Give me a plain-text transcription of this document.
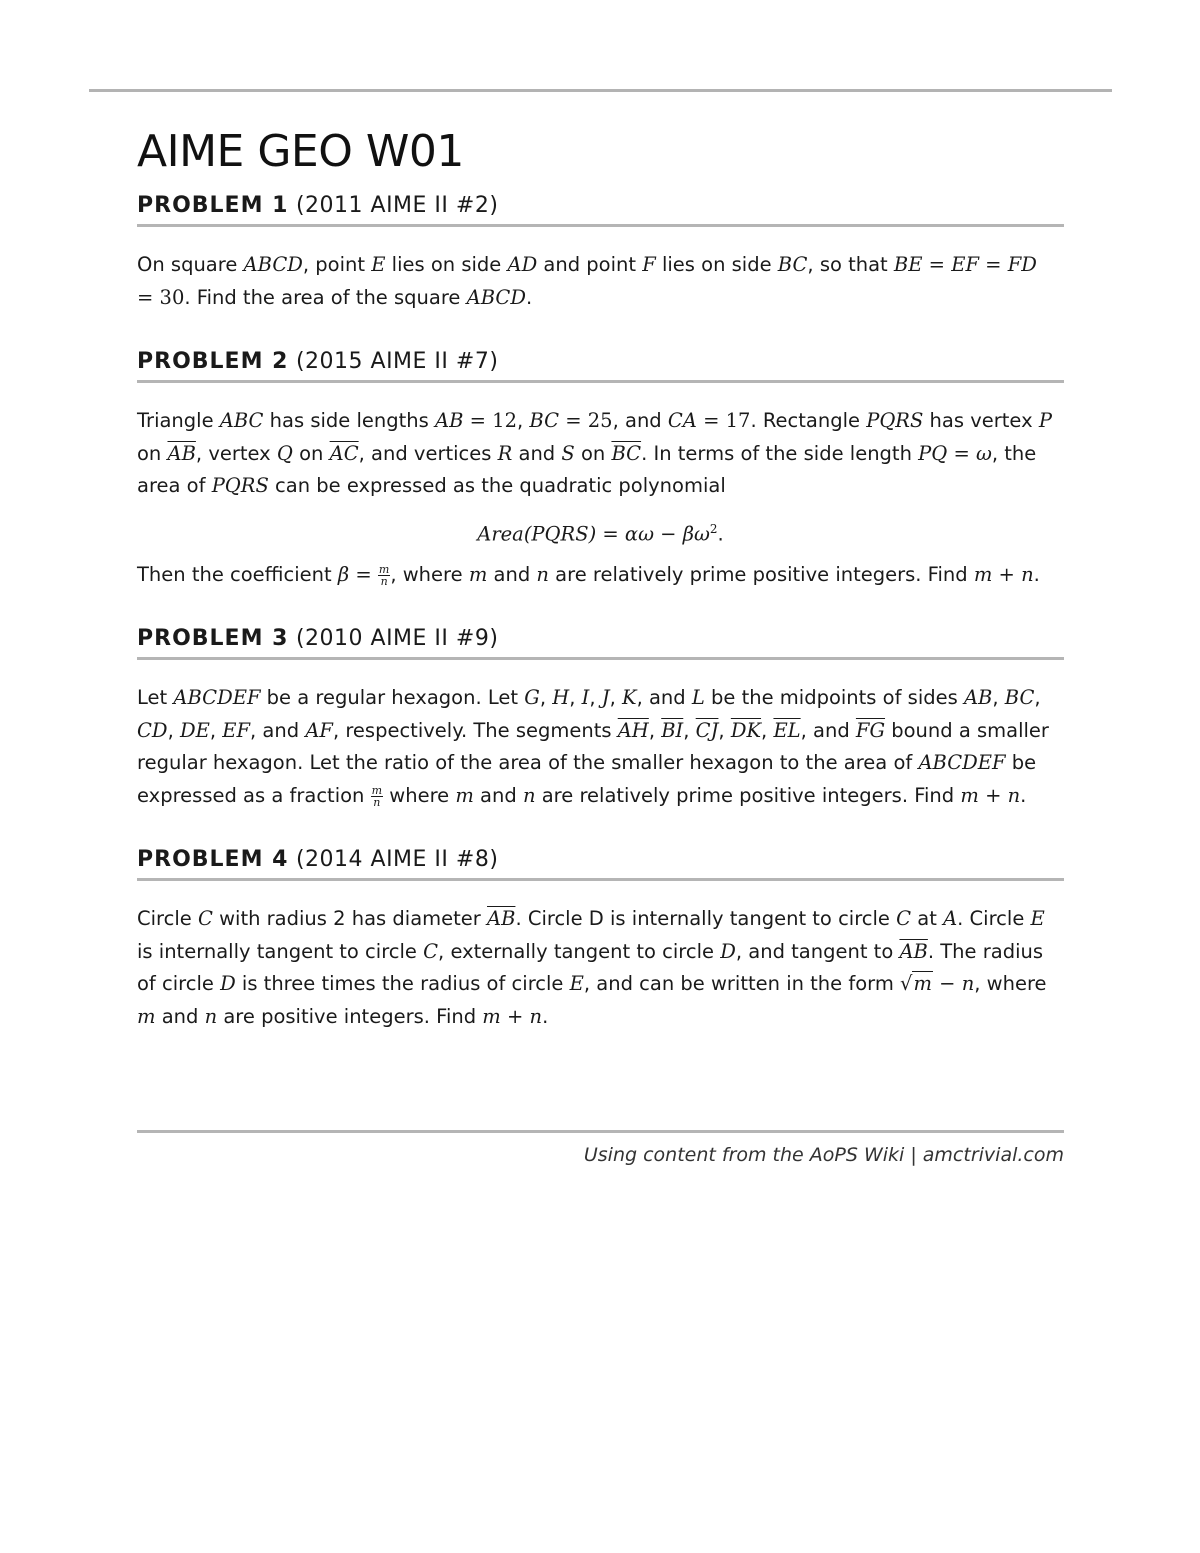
AIME GEO W01
PROBLEM 1 (2011 AIME II #2)
On square ABCD, point E lies on side AD and point F lies on side BC, so that BE = EF = FD
= 30. Find the area of the square ABCD.
PROBLEM 2 (2015 AIME II #7)
Triangle ABC has side lengths AB = 12, BC = 25, and CA = 17. Rectangle PQRS has vertex P on $\overline{AB}$, vertex Q on $\overline{AC}$, and vertices R and S on $\overline{BC}$. In terms of the side length PQ = ω, the area of PQRS can be expressed as the quadratic polynomial
Area(PQRS) = $\alpha\omega - \beta\omega^2$.
Then the coefficient $\beta = \frac{m}{n}$ , where m and n are relatively prime positive integers. Find m + n.
PROBLEM 3 (2010 AIME II #9)
Let ABCDEF be a regular hexagon. Let G, H, I, J, K, and L be the midpoints of sides AB, BC, CD, DE, EF, and AF, respectively. The segments $\overline{AH}$, $\overline{BI}$, $\overline{CJ}$, $\overline{DK}$, $\overline{EL}$, and $\overline{FG}$ bound a smaller regular hexagon. Let the ratio of the area of the smaller hexagon to the area of ABCDEF be expressed as a fraction $\frac{m}{n}$ where m and n are relatively prime positive integers. Find m + n.
PROBLEM 4 (2014 AIME II #8)
Circle C with radius 2 has diameter $\overline{AB}$. Circle D is internally tangent to circle C at A. Circle E is internally tangent to circle C, externally tangent to circle D, and tangent to $\overline{AB}$. The radius of circle D is three times the radius of circle E, and can be written in the form √m − n, where m and n are positive integers. Find m + n.
Using content from the AoPS Wiki | amctrivial.com
